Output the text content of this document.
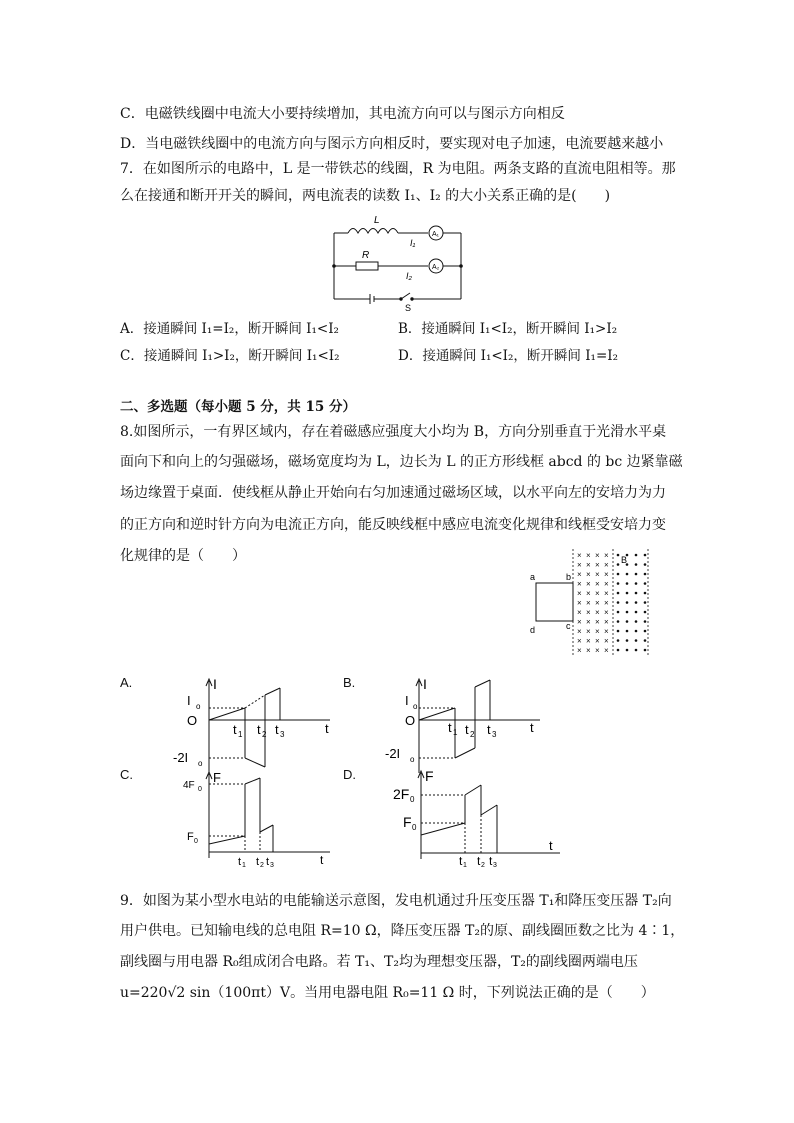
C．电磁铁线圈中电流大小要持续增加，其电流方向可以与图示方向相反
D．当电磁铁线圈中的电流方向与图示方向相反时，要实现对电子加速，电流要越来越小
7．在如图所示的电路中，L 是一带铁芯的线圈，R 为电阻。两条支路的直流电阻相等。那
么在接通和断开开关的瞬间，两电流表的读数 I₁、I₂ 的大小关系正确的是(　　)
L
I₁
A₁
R
I₂
A₂
S
A．接通瞬间 I₁=I₂，断开瞬间 I₁<I₂	B．接通瞬间 I₁<I₂，断开瞬间 I₁>I₂
C．接通瞬间 I₁>I₂，断开瞬间 I₁<I₂	D．接通瞬间 I₁<I₂，断开瞬间 I₁=I₂
二、多选题（每小题 5 分，共 15 分）
8.如图所示，一有界区域内，存在着磁感应强度大小均为 B，方向分别垂直于光滑水平桌
面向下和向上的匀强磁场，磁场宽度均为 L，边长为 L 的正方形线框 abcd 的 bc 边紧靠磁
场边缘置于桌面．使线框从静止开始向右匀加速通过磁场区域，以水平向左的安培力为力
的正方向和逆时针方向为电流正方向，能反映线框中感应电流变化规律和线框受安培力变
化规律的是（　　）	× × × ×
× × × ×
× × × ×
× × × ×
× × × ×
× × × ×
× × × ×
× × × ×
× × × ×
× × × ×
× × × ×
a	b
c
d
B	B
A.	I
I o
O
-2I o
t 1 t 2 t 3	t
B.	I
I o
O
-2I o
t 1 t 2 t 3	t
C.	F
4F 0
F 0
t 1 t 2 t 3	t
D.	F
2F 0
F 0
t 1 t 2 t 3
t
9．如图为某小型水电站的电能输送示意图，发电机通过升压变压器 T₁和降压变压器 T₂向
用户供电。已知输电线的总电阻 R=10 Ω，降压变压器 T₂的原、副线圈匝数之比为 4∶1，
副线圈与用电器 R₀组成闭合电路。若 T₁、T₂均为理想变压器，T₂的副线圈两端电压
u=220√2 sin（100πt）V。当用电器电阻 R₀=11 Ω 时，下列说法正确的是（　　）
